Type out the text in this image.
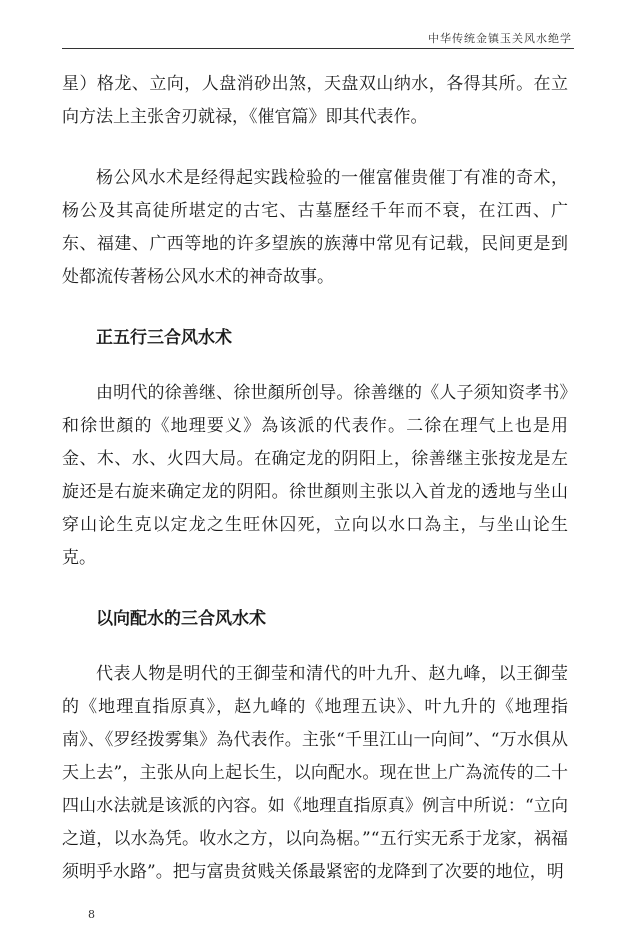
中华传统金镇玉关风水绝学

星）格龙、立向，人盘消砂出煞，天盘双山纳水，各得其所。在立向方法上主张舍刃就禄，《催官篇》即其代表作。

杨公风水术是经得起实践检验的一催富催贵催丁有准的奇术，杨公及其高徒所堪定的古宅、古墓歷经千年而不衰，在江西、广东、福建、广西等地的许多望族的族薄中常见有记载，民间更是到处都流传著杨公风水术的神奇故事。

正五行三合风水术

由明代的徐善继、徐世顏所创导。徐善继的《人子须知资孝书》和徐世顏的《地理要义》為该派的代表作。二徐在理气上也是用金、木、水、火四大局。在确定龙的阴阳上，徐善继主张按龙是左旋还是右旋来确定龙的阴阳。徐世顏则主张以入首龙的透地与坐山穿山论生克以定龙之生旺休囚死，立向以水口為主，与坐山论生克。

以向配水的三合风水术

代表人物是明代的王御莹和清代的叶九升、赵九峰，以王御莹的《地理直指原真》，赵九峰的《地理五诀》、叶九升的《地理指南》、《罗经拨雾集》為代表作。主张“千里江山一向间”、“万水俱从天上去”，主张从向上起长生，以向配水。现在世上广為流传的二十四山水法就是该派的內容。如《地理直指原真》例言中所说：“立向之道，以水為凭。收水之方，以向為椐。”“五行实无系于龙家，祸福须明乎水路”。把与富贵贫贱关係最紧密的龙降到了次要的地位，明

8
